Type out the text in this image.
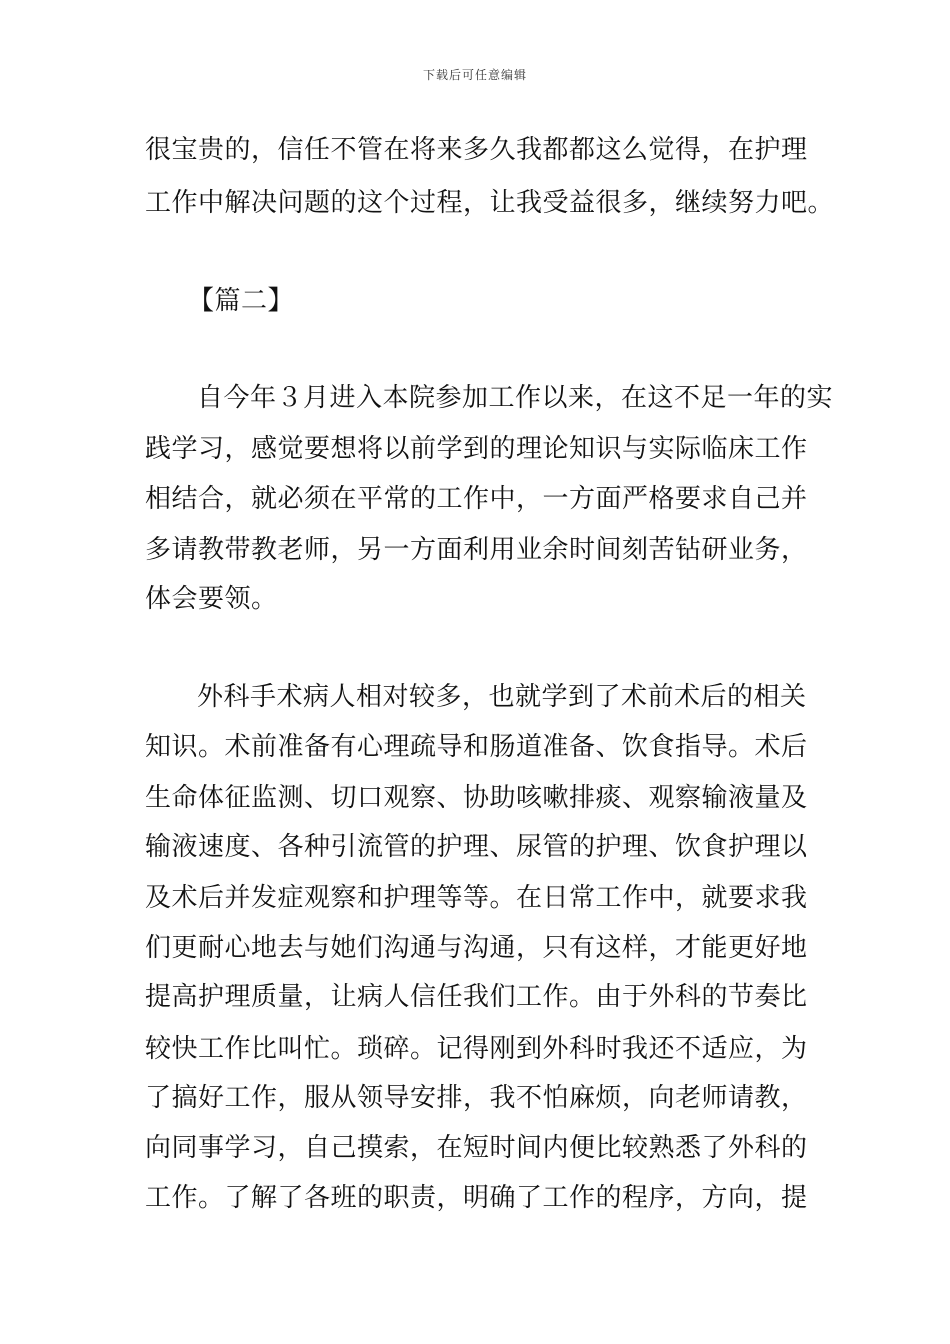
下载后可任意编辑
很宝贵的，信任不管在将来多久我都都这么觉得，在护理
工作中解决问题的这个过程，让我受益很多，继续努力吧。
【篇二】
自今年３月进入本院参加工作以来，在这不足一年的实
践学习，感觉要想将以前学到的理论知识与实际临床工作
相结合，就必须在平常的工作中，一方面严格要求自己并
多请教带教老师，另一方面利用业余时间刻苦钻研业务，
体会要领。
外科手术病人相对较多，也就学到了术前术后的相关
知识。术前准备有心理疏导和肠道准备、饮食指导。术后
生命体征监测、切口观察、协助咳嗽排痰、观察输液量及
输液速度、各种引流管的护理、尿管的护理、饮食护理以
及术后并发症观察和护理等等。在日常工作中，就要求我
们更耐心地去与她们沟通与沟通，只有这样，才能更好地
提高护理质量，让病人信任我们工作。由于外科的节奏比
较快工作比叫忙。琐碎。记得刚到外科时我还不适应，为
了搞好工作，服从领导安排，我不怕麻烦，向老师请教，
向同事学习，自己摸索，在短时间内便比较熟悉了外科的
工作。了解了各班的职责，明确了工作的程序，方向，提
